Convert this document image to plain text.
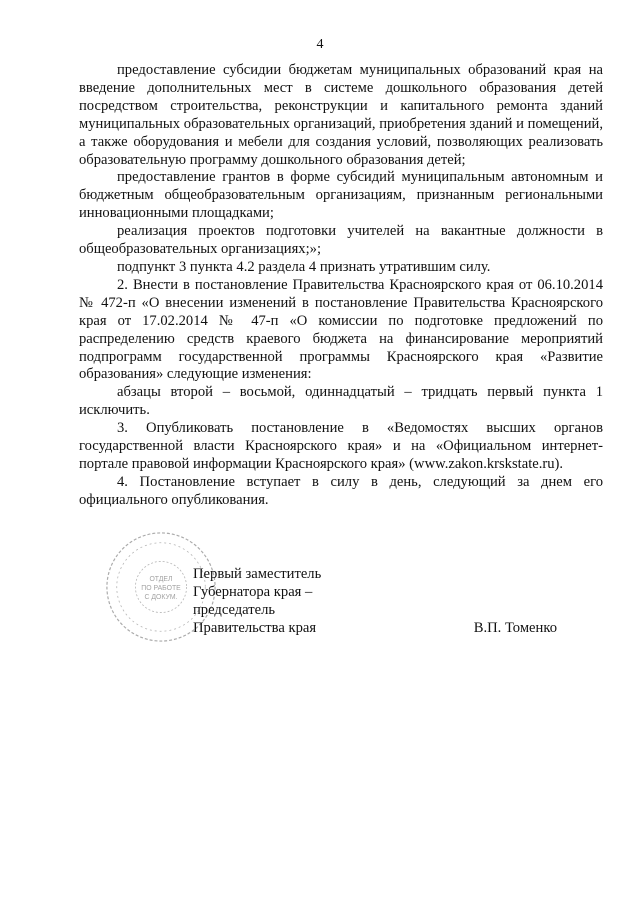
4

предоставление субсидии бюджетам муниципальных образований края на введение дополнительных мест в системе дошкольного образования детей посредством строительства, реконструкции и капитального ремонта зданий муниципальных образовательных организаций, приобретения зданий и помещений, а также оборудования и мебели для создания условий, позволяющих реализовать образовательную программу дошкольного образования детей;

предоставление грантов в форме субсидий муниципальным автономным и бюджетным общеобразовательным организациям, признанным региональными инновационными площадками;

реализация проектов подготовки учителей на вакантные должности в общеобразовательных организациях;»;

подпункт 3 пункта 4.2 раздела 4 признать утратившим силу.

2. Внести в постановление Правительства Красноярского края от 06.10.2014 № 472-п «О внесении изменений в постановление Правительства Красноярского края от 17.02.2014 № 47-п «О комиссии по подготовке предложений по распределению средств краевого бюджета на финансирование мероприятий подпрограмм государственной программы Красноярского края «Развитие образования» следующие изменения:

абзацы второй – восьмой, одиннадцатый – тридцать первый пункта 1 исключить.

3. Опубликовать постановление в «Ведомостях высших органов государственной власти Красноярского края» и на «Официальном интернет-портале правовой информации Красноярского края» (www.zakon.krskstate.ru).

4. Постановление вступает в силу в день, следующий за днем его официального опубликования.

ОТДЕЛ
ПО РАБОТЕ
С ДОКУМ.
Первый заместитель
Губернатора края –
председатель
Правительства края	В.П. Томенко
